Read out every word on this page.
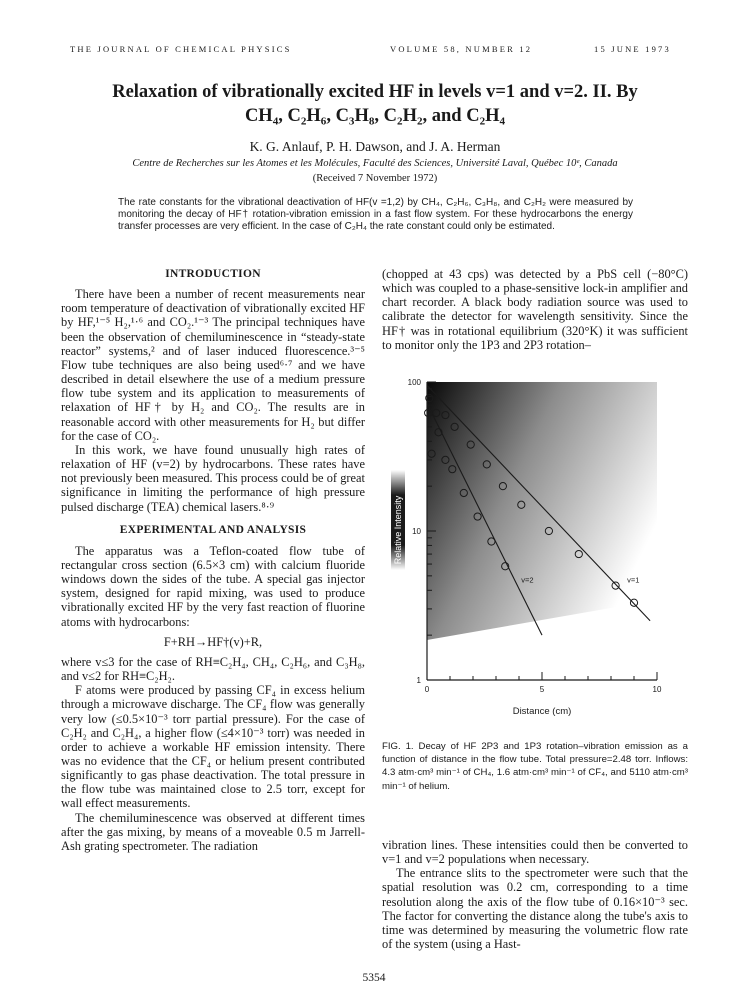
THE JOURNAL OF CHEMICAL PHYSICS	VOLUME 58, NUMBER 12	15 JUNE 1973
Relaxation of vibrationally excited HF in levels v=1 and v=2. II. By
CH₄, C₂H₆, C₃H₈, C₂H₂, and C₂H₄
K. G. Anlauf, P. H. Dawson, and J. A. Herman
Centre de Recherches sur les Atomes et les Molécules, Faculté des Sciences, Université Laval, Québec 10ᵉ, Canada
(Received 7 November 1972)
The rate constants for the vibrational deactivation of HF(v =1,2) by CH₄, C₂H₆, C₃H₈, and C₂H₂ were measured by monitoring the decay of HF† rotation-vibration emission in a fast flow system. For these hydrocarbons the energy transfer processes are very efficient. In the case of C₂H₄ the rate constant could only be estimated.

INTRODUCTION

There have been a number of recent measurements near room temperature of deactivation of vibrationally excited HF by HF,¹⁻⁵ H₂,¹·⁶ and CO₂.¹⁻³ The principal techniques have been the observation of chemiluminescence in “steady-state reactor” systems,² and of laser induced fluorescence.³⁻⁵ Flow tube techniques are also being used⁶·⁷ and we have described in detail elsewhere the use of a medium pressure flow tube system and its application to measurements of relaxation of HF† by H₂ and CO₂. The results are in reasonable accord with other measurements for H₂ but differ for the case of CO₂.

In this work, we have found unusually high rates of relaxation of HF (v=2) by hydrocarbons. These rates have not previously been measured. This process could be of great significance in limiting the performance of high pressure pulsed discharge (TEA) chemical lasers.⁸·⁹

EXPERIMENTAL AND ANALYSIS

The apparatus was a Teflon-coated flow tube of rectangular cross section (6.5×3 cm) with calcium fluoride windows down the sides of the tube. A special gas injector system, designed for rapid mixing, was used to produce vibrationally excited HF by the very fast reaction of fluorine atoms with hydrocarbons:

F+RH→HF†(v)+R,

where v≤3 for the case of RH≡C₂H₄, CH₄, C₂H₆, and C₃H₈, and v≤2 for RH≡C₂H₂.

F atoms were produced by passing CF₄ in excess helium through a microwave discharge. The CF₄ flow was generally very low (≤0.5×10⁻³ torr partial pressure). For the case of C₂H₂ and C₂H₄, a higher flow (≤4×10⁻³ torr) was needed in order to achieve a workable HF emission intensity. There was no evidence that the CF₄ or helium present contributed significantly to gas phase deactivation. The total pressure in the flow tube was maintained close to 2.5 torr, except for wall effect measurements.

The chemiluminescence was observed at different times after the gas mixing, by means of a moveable 0.5 m Jarrell-Ash grating spectrometer. The radiation

(chopped at 43 cps) was detected by a PbS cell (−80°C) which was coupled to a phase-sensitive lock-in amplifier and chart recorder. A black body radiation source was used to calibrate the detector for wavelength sensitivity. Since the HF† was in rotational equilibrium (320°K) it was sufficient to monitor only the 1P3 and 2P3 rotation–
1
10
100
0	5	10
Distance (cm)
Relative Intensity
v=2	v=1
FIG. 1. Decay of HF 2P3 and 1P3 rotation–vibration emission as a function of distance in the flow tube. Total pressure=2.48 torr. Inflows: 4.3 atm·cm³ min⁻¹ of CH₄, 1.6 atm·cm³ min⁻¹ of CF₄, and 5110 atm·cm³ min⁻¹ of helium.

vibration lines. These intensities could then be converted to v=1 and v=2 populations when necessary.

The entrance slits to the spectrometer were such that the spatial resolution was 0.2 cm, corresponding to a time resolution along the axis of the flow tube of 0.16×10⁻³ sec. The factor for converting the distance along the tube's axis to time was determined by measuring the volumetric flow rate of the system (using a Hast-

5354
